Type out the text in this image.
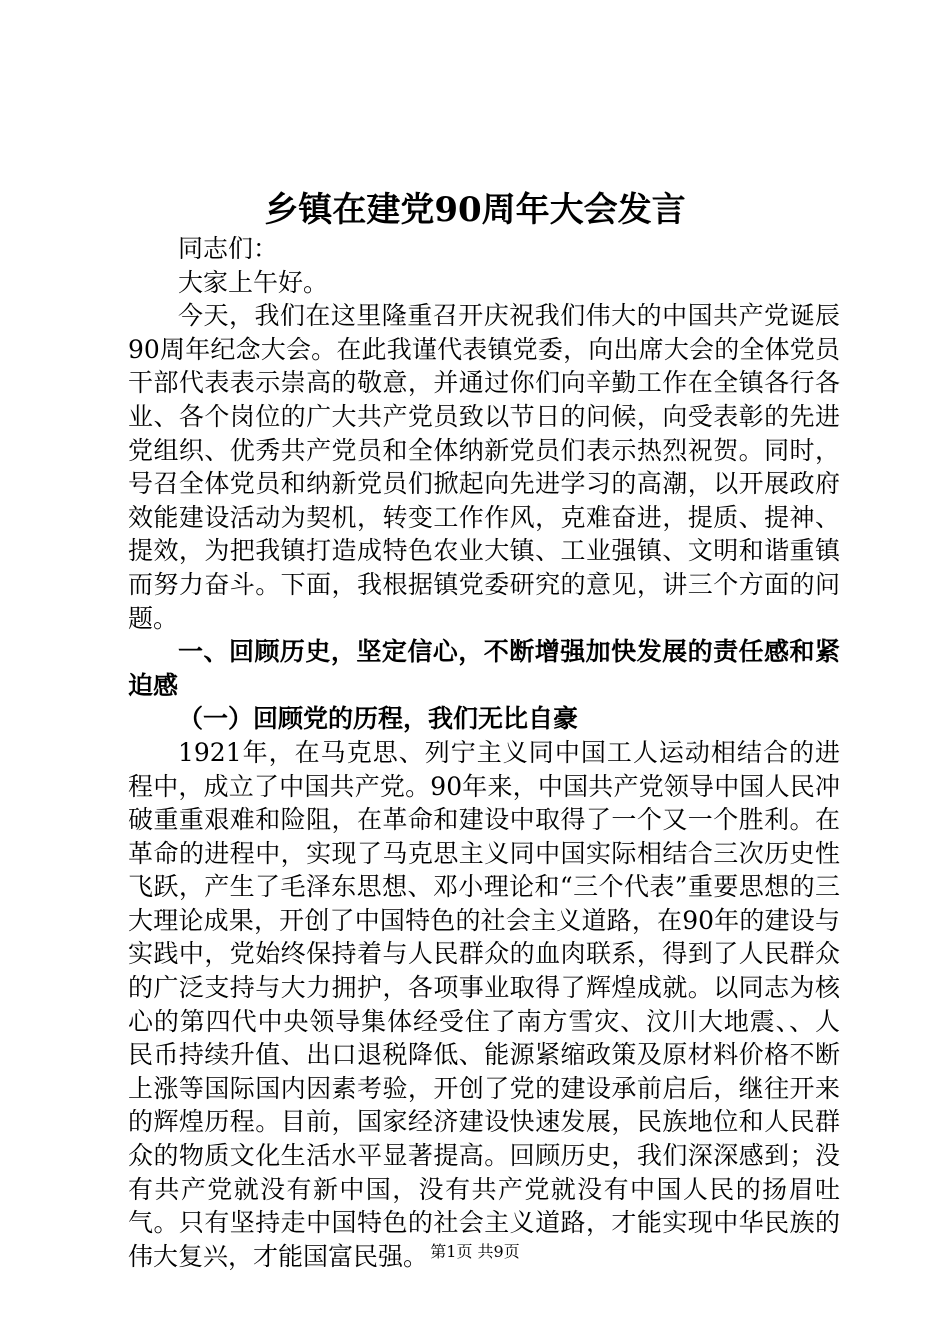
乡镇在建党90周年大会发言

同志们：

大家上午好。

今天，我们在这里隆重召开庆祝我们伟大的中国共产党诞辰90周年纪念大会。在此我谨代表镇党委，向出席大会的全体党员干部代表表示崇高的敬意，并通过你们向辛勤工作在全镇各行各业、各个岗位的广大共产党员致以节日的问候，向受表彰的先进党组织、优秀共产党员和全体纳新党员们表示热烈祝贺。同时，号召全体党员和纳新党员们掀起向先进学习的高潮，以开展政府效能建设活动为契机，转变工作作风，克难奋进，提质、提神、提效，为把我镇打造成特色农业大镇、工业强镇、文明和谐重镇而努力奋斗。下面，我根据镇党委研究的意见，讲三个方面的问题。

一、回顾历史，坚定信心，不断增强加快发展的责任感和紧迫感

（一）回顾党的历程，我们无比自豪

1921年，在马克思、列宁主义同中国工人运动相结合的进程中，成立了中国共产党。90年来，中国共产党领导中国人民冲破重重艰难和险阻，在革命和建设中取得了一个又一个胜利。在革命的进程中，实现了马克思主义同中国实际相结合三次历史性飞跃，产生了毛泽东思想、邓小理论和“三个代表”重要思想的三大理论成果，开创了中国特色的社会主义道路，在90年的建设与实践中，党始终保持着与人民群众的血肉联系，得到了人民群众的广泛支持与大力拥护，各项事业取得了辉煌成就。以同志为核心的第四代中央领导集体经受住了南方雪灾、汶川大地震、、人民币持续升值、出口退税降低、能源紧缩政策及原材料价格不断上涨等国际国内因素考验，开创了党的建设承前启后，继往开来的辉煌历程。目前，国家经济建设快速发展，民族地位和人民群众的物质文化生活水平显著提高。回顾历史，我们深深感到；没有共产党就没有新中国，没有共产党就没有中国人民的扬眉吐气。只有坚持走中国特色的社会主义道路，才能实现中华民族的伟大复兴，才能国富民强。 第1页 共9页
